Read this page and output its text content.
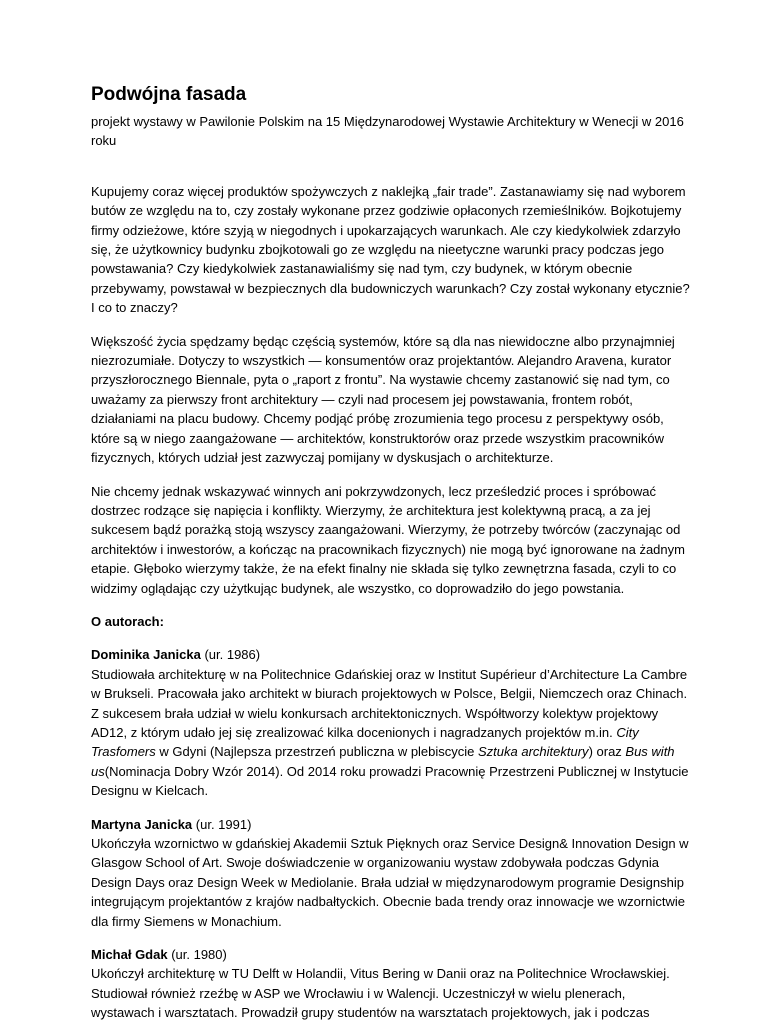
Podwójna fasada

projekt wystawy w Pawilonie Polskim na 15 Międzynarodowej Wystawie Architektury w Wenecji w 2016 roku

Kupujemy coraz więcej produktów spożywczych z naklejką „fair trade”. Zastanawiamy się nad wyborem butów ze względu na to, czy zostały wykonane przez godziwie opłaconych rzemieślników. Bojkotujemy firmy odzieżowe, które szyją w niegodnych i upokarzających warunkach. Ale czy kiedykolwiek zdarzyło się, że użytkownicy budynku zbojkotowali go ze względu na nieetyczne warunki pracy podczas jego powstawania? Czy kiedykolwiek zastanawialiśmy się nad tym, czy budynek, w którym obecnie przebywamy, powstawał w bezpiecznych dla budowniczych warunkach? Czy został wykonany etycznie? I co to znaczy?

Większość życia spędzamy będąc częścią systemów, które są dla nas niewidoczne albo przynajmniej niezrozumiałe. Dotyczy to wszystkich — konsumentów oraz projektantów. Alejandro Aravena, kurator przyszłorocznego Biennale, pyta o „raport z frontu”. Na wystawie chcemy zastanowić się nad tym, co uważamy za pierwszy front architektury — czyli nad procesem jej powstawania, frontem robót, działaniami na placu budowy. Chcemy podjąć próbę zrozumienia tego procesu z perspektywy osób, które są w niego zaangażowane — architektów, konstruktorów oraz przede wszystkim pracowników fizycznych, których udział jest zazwyczaj pomijany w dyskusjach o architekturze.

Nie chcemy jednak wskazywać winnych ani pokrzywdzonych, lecz prześledzić proces i spróbować dostrzec rodzące się napięcia i konflikty. Wierzymy, że architektura jest kolektywną pracą, a za jej sukcesem bądź porażką stoją wszyscy zaangażowani. Wierzymy, że potrzeby twórców (zaczynając od architektów i inwestorów, a kończąc na pracownikach fizycznych) nie mogą być ignorowane na żadnym etapie. Głęboko wierzymy także, że na efekt finalny nie składa się tylko zewnętrzna fasada, czyli to co widzimy oglądając czy użytkując budynek, ale wszystko, co doprowadziło do jego powstania.

O autorach:

Dominika Janicka (ur. 1986)
Studiowała architekturę w na Politechnice Gdańskiej oraz w Institut Supérieur d’Architecture La Cambre w Brukseli. Pracowała jako architekt w biurach projektowych w Polsce, Belgii, Niemczech oraz Chinach. Z sukcesem brała udział w wielu konkursach architektonicznych. Współtworzy kolektyw projektowy AD12, z którym udało jej się zrealizować kilka docenionych i nagradzanych projektów m.in. City Trasfomers w Gdyni (Najlepsza przestrzeń publiczna w plebiscycie Sztuka architektury) oraz Bus with us(Nominacja Dobry Wzór 2014). Od 2014 roku prowadzi Pracownię Przestrzeni Publicznej w Instytucie Designu w Kielcach.

Martyna Janicka (ur. 1991)
Ukończyła wzornictwo w gdańskiej Akademii Sztuk Pięknych oraz Service Design& Innovation Design w Glasgow School of Art. Swoje doświadczenie w organizowaniu wystaw zdobywała podczas Gdynia Design Days oraz Design Week w Mediolanie. Brała udział w międzynarodowym programie Designship integrującym projektantów z krajów nadbałtyckich. Obecnie bada trendy oraz innowacje we wzornictwie dla firmy Siemens w Monachium.

Michał Gdak (ur. 1980)
Ukończył architekturę w TU Delft w Holandii, Vitus Bering w Danii oraz na Politechnice Wrocławskiej. Studiował również rzeźbę w ASP we Wrocławiu i w Walencji. Uczestniczył w wielu plenerach, wystawach i warsztatach. Prowadził grupy studentów na warsztatach projektowych, jak i podczas
